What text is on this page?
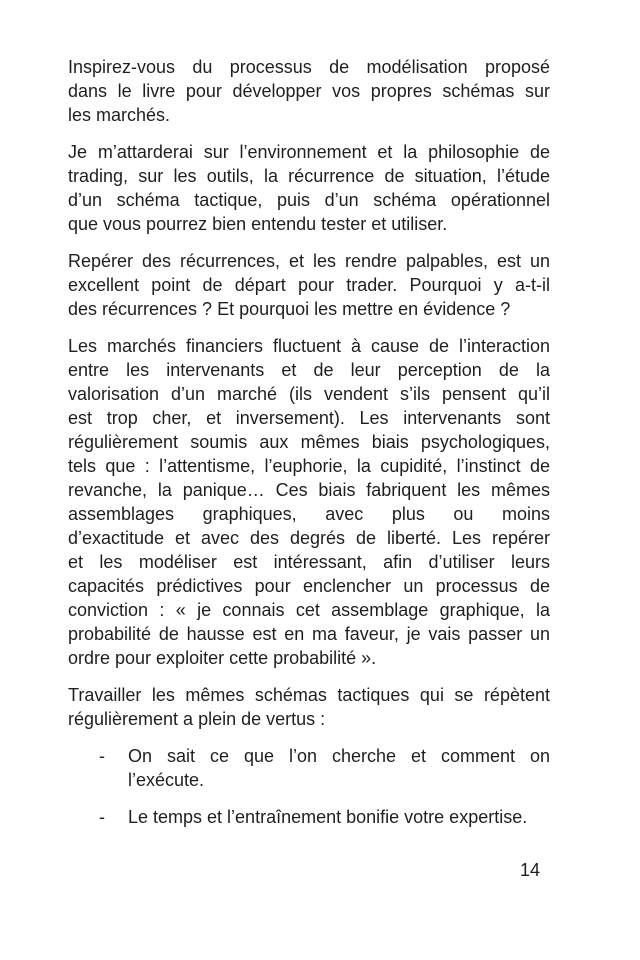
Inspirez-vous du processus de modélisation proposé
dans le livre pour développer vos propres schémas sur
les marchés.
Je m’attarderai sur l’environnement et la philosophie de
trading, sur les outils, la récurrence de situation, l’étude
d’un schéma tactique, puis d’un schéma opérationnel
que vous pourrez bien entendu tester et utiliser.
Repérer des récurrences, et les rendre palpables, est un
excellent point de départ pour trader. Pourquoi y a-t-il
des récurrences ? Et pourquoi les mettre en évidence ?
Les marchés financiers fluctuent à cause de l’interaction
entre les intervenants et de leur perception de la
valorisation d’un marché (ils vendent s’ils pensent qu’il
est trop cher, et inversement). Les intervenants sont
régulièrement soumis aux mêmes biais psychologiques,
tels que : l’attentisme, l’euphorie, la cupidité, l’instinct de
revanche, la panique… Ces biais fabriquent les mêmes
assemblages graphiques, avec plus ou moins
d’exactitude et avec des degrés de liberté. Les repérer
et les modéliser est intéressant, afin d’utiliser leurs
capacités prédictives pour enclencher un processus de
conviction : « je connais cet assemblage graphique, la
probabilité de hausse est en ma faveur, je vais passer un
ordre pour exploiter cette probabilité ».
Travailler les mêmes schémas tactiques qui se répètent
régulièrement a plein de vertus :
-	On sait ce que l’on cherche et comment on
l’exécute.
-	Le temps et l’entraînement bonifie votre expertise.
14
